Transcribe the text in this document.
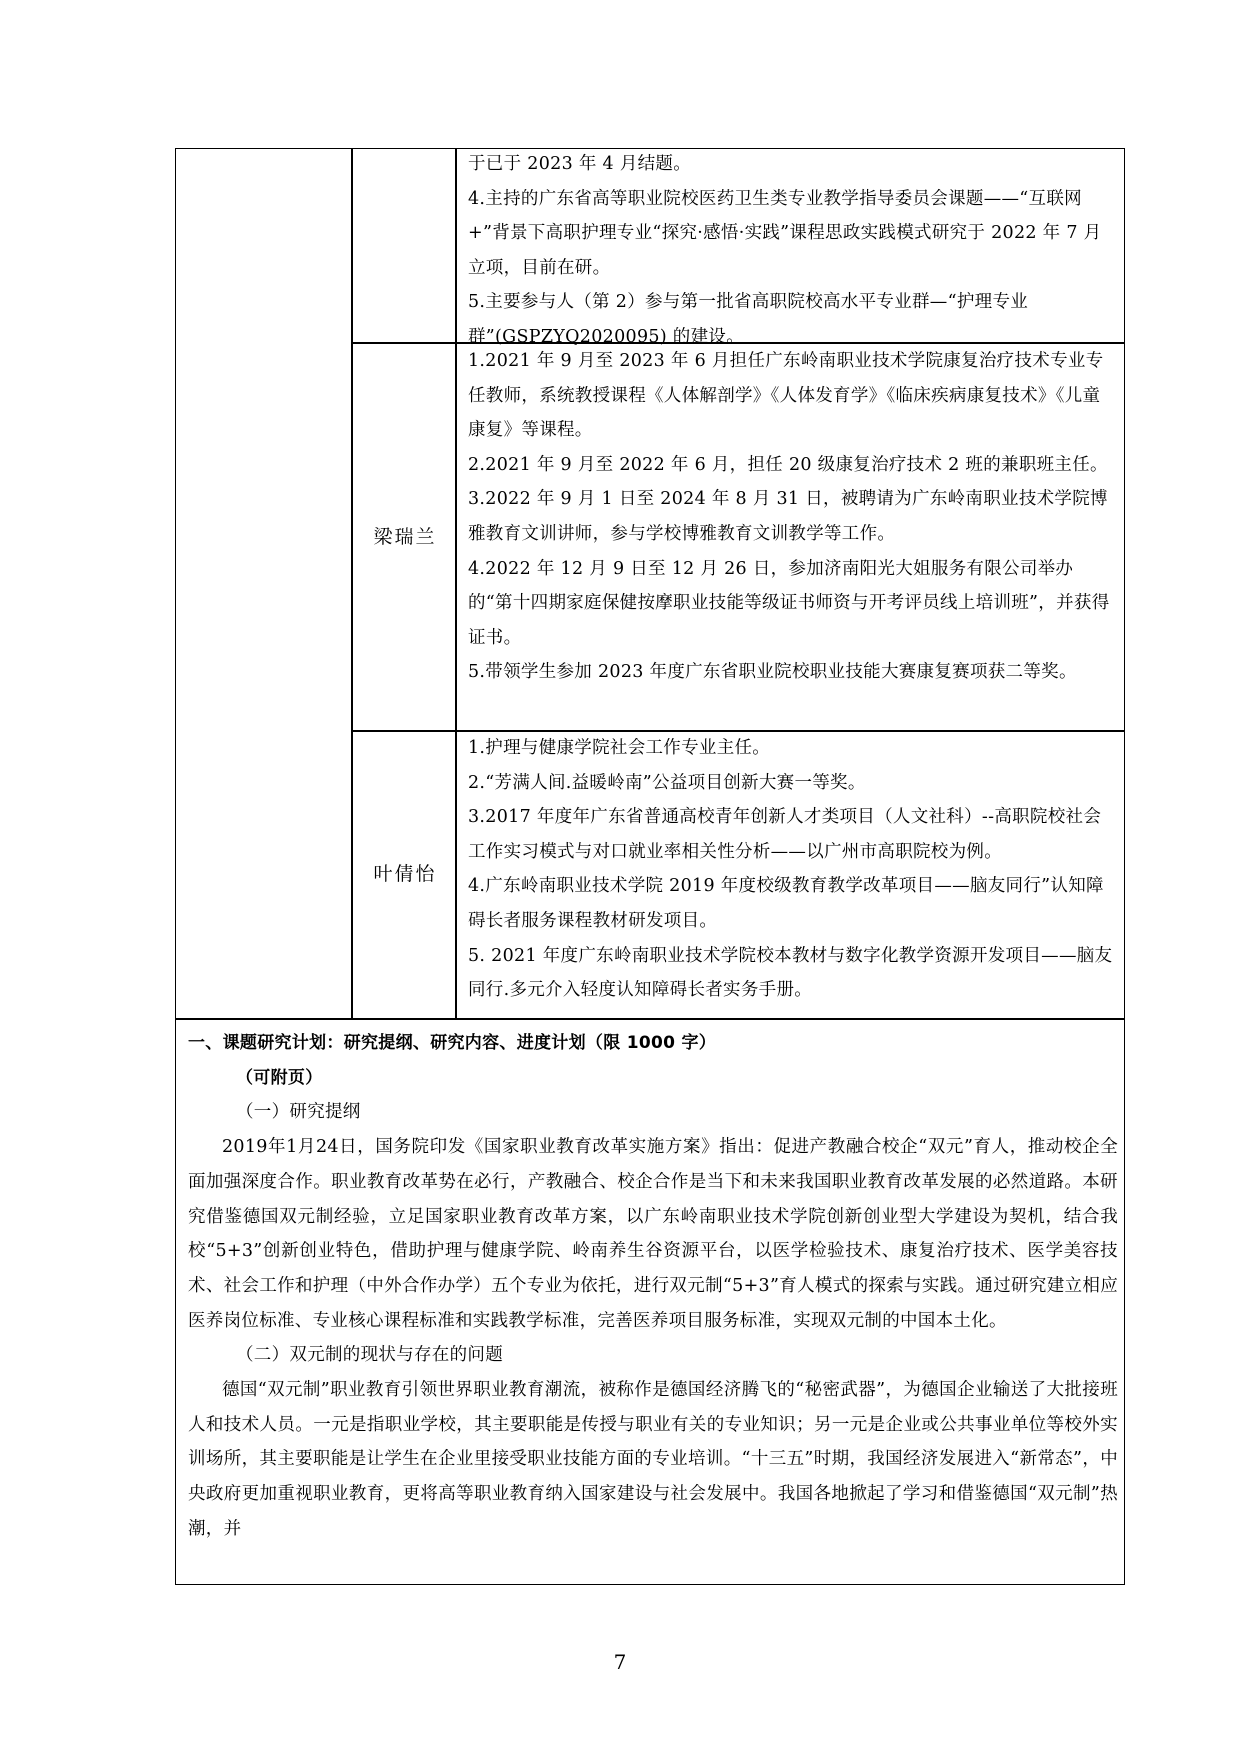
于已于 2023 年 4 月结题。

4.主持的广东省高等职业院校医药卫生类专业教学指导委员会课题——“互联网+”背景下高职护理专业“探究·感悟·实践”课程思政实践模式研究于 2022 年 7 月立项，目前在研。

5.主要参与人（第 2）参与第一批省高职院校高水平专业群—“护理专业群”(GSPZYQ2020095) 的建设。

梁瑞兰

1.2021 年 9 月至 2023 年 6 月担任广东岭南职业技术学院康复治疗技术专业专任教师，系统教授课程《人体解剖学》《人体发育学》《临床疾病康复技术》《儿童康复》等课程。

2.2021 年 9 月至 2022 年 6 月，担任 20 级康复治疗技术 2 班的兼职班主任。

3.2022 年 9 月 1 日至 2024 年 8 月 31 日，被聘请为广东岭南职业技术学院博雅教育文训讲师，参与学校博雅教育文训教学等工作。

4.2022 年 12 月 9 日至 12 月 26 日，参加济南阳光大姐服务有限公司举办的“第十四期家庭保健按摩职业技能等级证书师资与开考评员线上培训班”，并获得证书。

5.带领学生参加 2023 年度广东省职业院校职业技能大赛康复赛项获二等奖。

叶倩怡

1.护理与健康学院社会工作专业主任。

2.“芳满人间.益暖岭南”公益项目创新大赛一等奖。

3.2017 年度年广东省普通高校青年创新人才类项目（人文社科）--高职院校社会工作实习模式与对口就业率相关性分析——以广州市高职院校为例。

4.广东岭南职业技术学院 2019 年度校级教育教学改革项目——脑友同行”认知障碍长者服务课程教材研发项目。

5. 2021 年度广东岭南职业技术学院校本教材与数字化教学资源开发项目——脑友同行.多元介入轻度认知障碍长者实务手册。

一、课题研究计划：研究提纲、研究内容、进度计划（限 1000 字）

（可附页）

（一）研究提纲

2019年1月24日，国务院印发《国家职业教育改革实施方案》指出：促进产教融合校企“双元”育人，推动校企全面加强深度合作。职业教育改革势在必行，产教融合、校企合作是当下和未来我国职业教育改革发展的必然道路。本研究借鉴德国双元制经验，立足国家职业教育改革方案，以广东岭南职业技术学院创新创业型大学建设为契机，结合我校“5+3”创新创业特色，借助护理与健康学院、岭南养生谷资源平台，以医学检验技术、康复治疗技术、医学美容技术、社会工作和护理（中外合作办学）五个专业为依托，进行双元制“5+3”育人模式的探索与实践。通过研究建立相应医养岗位标准、专业核心课程标准和实践教学标准，完善医养项目服务标准，实现双元制的中国本土化。

（二）双元制的现状与存在的问题

德国“双元制”职业教育引领世界职业教育潮流，被称作是德国经济腾飞的“秘密武器”，为德国企业输送了大批接班人和技术人员。一元是指职业学校，其主要职能是传授与职业有关的专业知识；另一元是企业或公共事业单位等校外实训场所，其主要职能是让学生在企业里接受职业技能方面的专业培训。“十三五”时期，我国经济发展进入“新常态”，中央政府更加重视职业教育，更将高等职业教育纳入国家建设与社会发展中。我国各地掀起了学习和借鉴德国“双元制”热潮，并

7
